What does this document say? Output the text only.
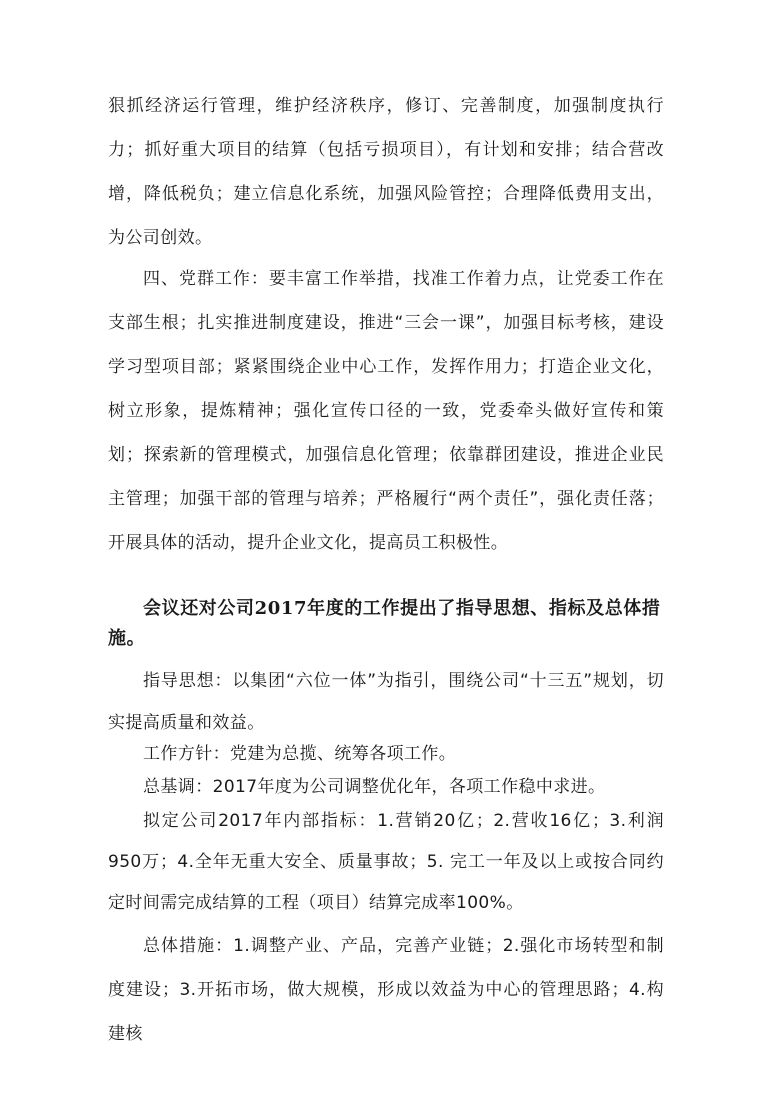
狠抓经济运行管理，维护经济秩序，修订、完善制度，加强制度执行力；抓好重大项目的结算（包括亏损项目），有计划和安排；结合营改增，降低税负；建立信息化系统，加强风险管控；合理降低费用支出，为公司创效。

四、党群工作：要丰富工作举措，找准工作着力点，让党委工作在支部生根；扎实推进制度建设，推进“三会一课”，加强目标考核，建设学习型项目部；紧紧围绕企业中心工作，发挥作用力；打造企业文化，树立形象，提炼精神；强化宣传口径的一致，党委牵头做好宣传和策划；探索新的管理模式，加强信息化管理；依靠群团建设，推进企业民主管理；加强干部的管理与培养；严格履行“两个责任”，强化责任落；开展具体的活动，提升企业文化，提高员工积极性。

会议还对公司2017年度的工作提出了指导思想、指标及总体措施。

指导思想：以集团“六位一体”为指引，围绕公司“十三五”规划，切实提高质量和效益。

工作方针：党建为总揽、统筹各项工作。

总基调：2017年度为公司调整优化年，各项工作稳中求进。

拟定公司2017年内部指标：1.营销20亿；2.营收16亿；3.利润950万；4.全年无重大安全、质量事故；5. 完工一年及以上或按合同约定时间需完成结算的工程（项目）结算完成率100%。

总体措施：1.调整产业、产品，完善产业链；2.强化市场转型和制度建设；3.开拓市场，做大规模，形成以效益为中心的管理思路；4.构建核
